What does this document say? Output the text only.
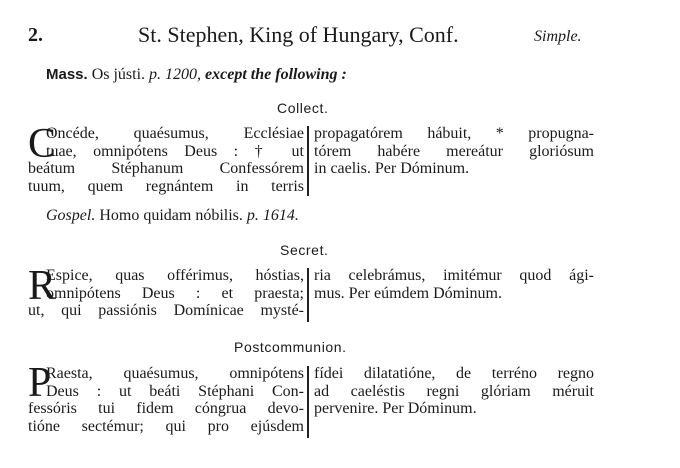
2.	St. Stephen, King of Hungary, Conf.	Simple.
Mass. Os jústi. p. 1200, except the following :
Collect.
C
Oncéde, quaésumus, Ecclésiae
tuae, omnipótens Deus : † ut
beátum Stéphanum Confessórem
tuum, quem regnántem in terris
propagatórem hábuit, * propugna-
tórem habére mereátur gloriósum
in caelis. Per Dóminum.
Gospel. Homo quidam nóbilis. p. 1614.
Secret.
R
Espice, quas offérimus, hóstias,
omnipótens Deus : et praesta;
ut, qui passiónis Domínicae mysté-
ria celebrámus, imitémur quod ági-
mus. Per eúmdem Dóminum.
Postcommunion.
P
Raesta, quaésumus, omnipótens
Deus : ut beáti Stéphani Con-
fessóris tui fidem cóngrua devo-
tióne sectémur; qui pro ejúsdem
fídei dilatatióne, de terréno regno
ad caeléstis regni glóriam méruit
pervenire. Per Dóminum.
